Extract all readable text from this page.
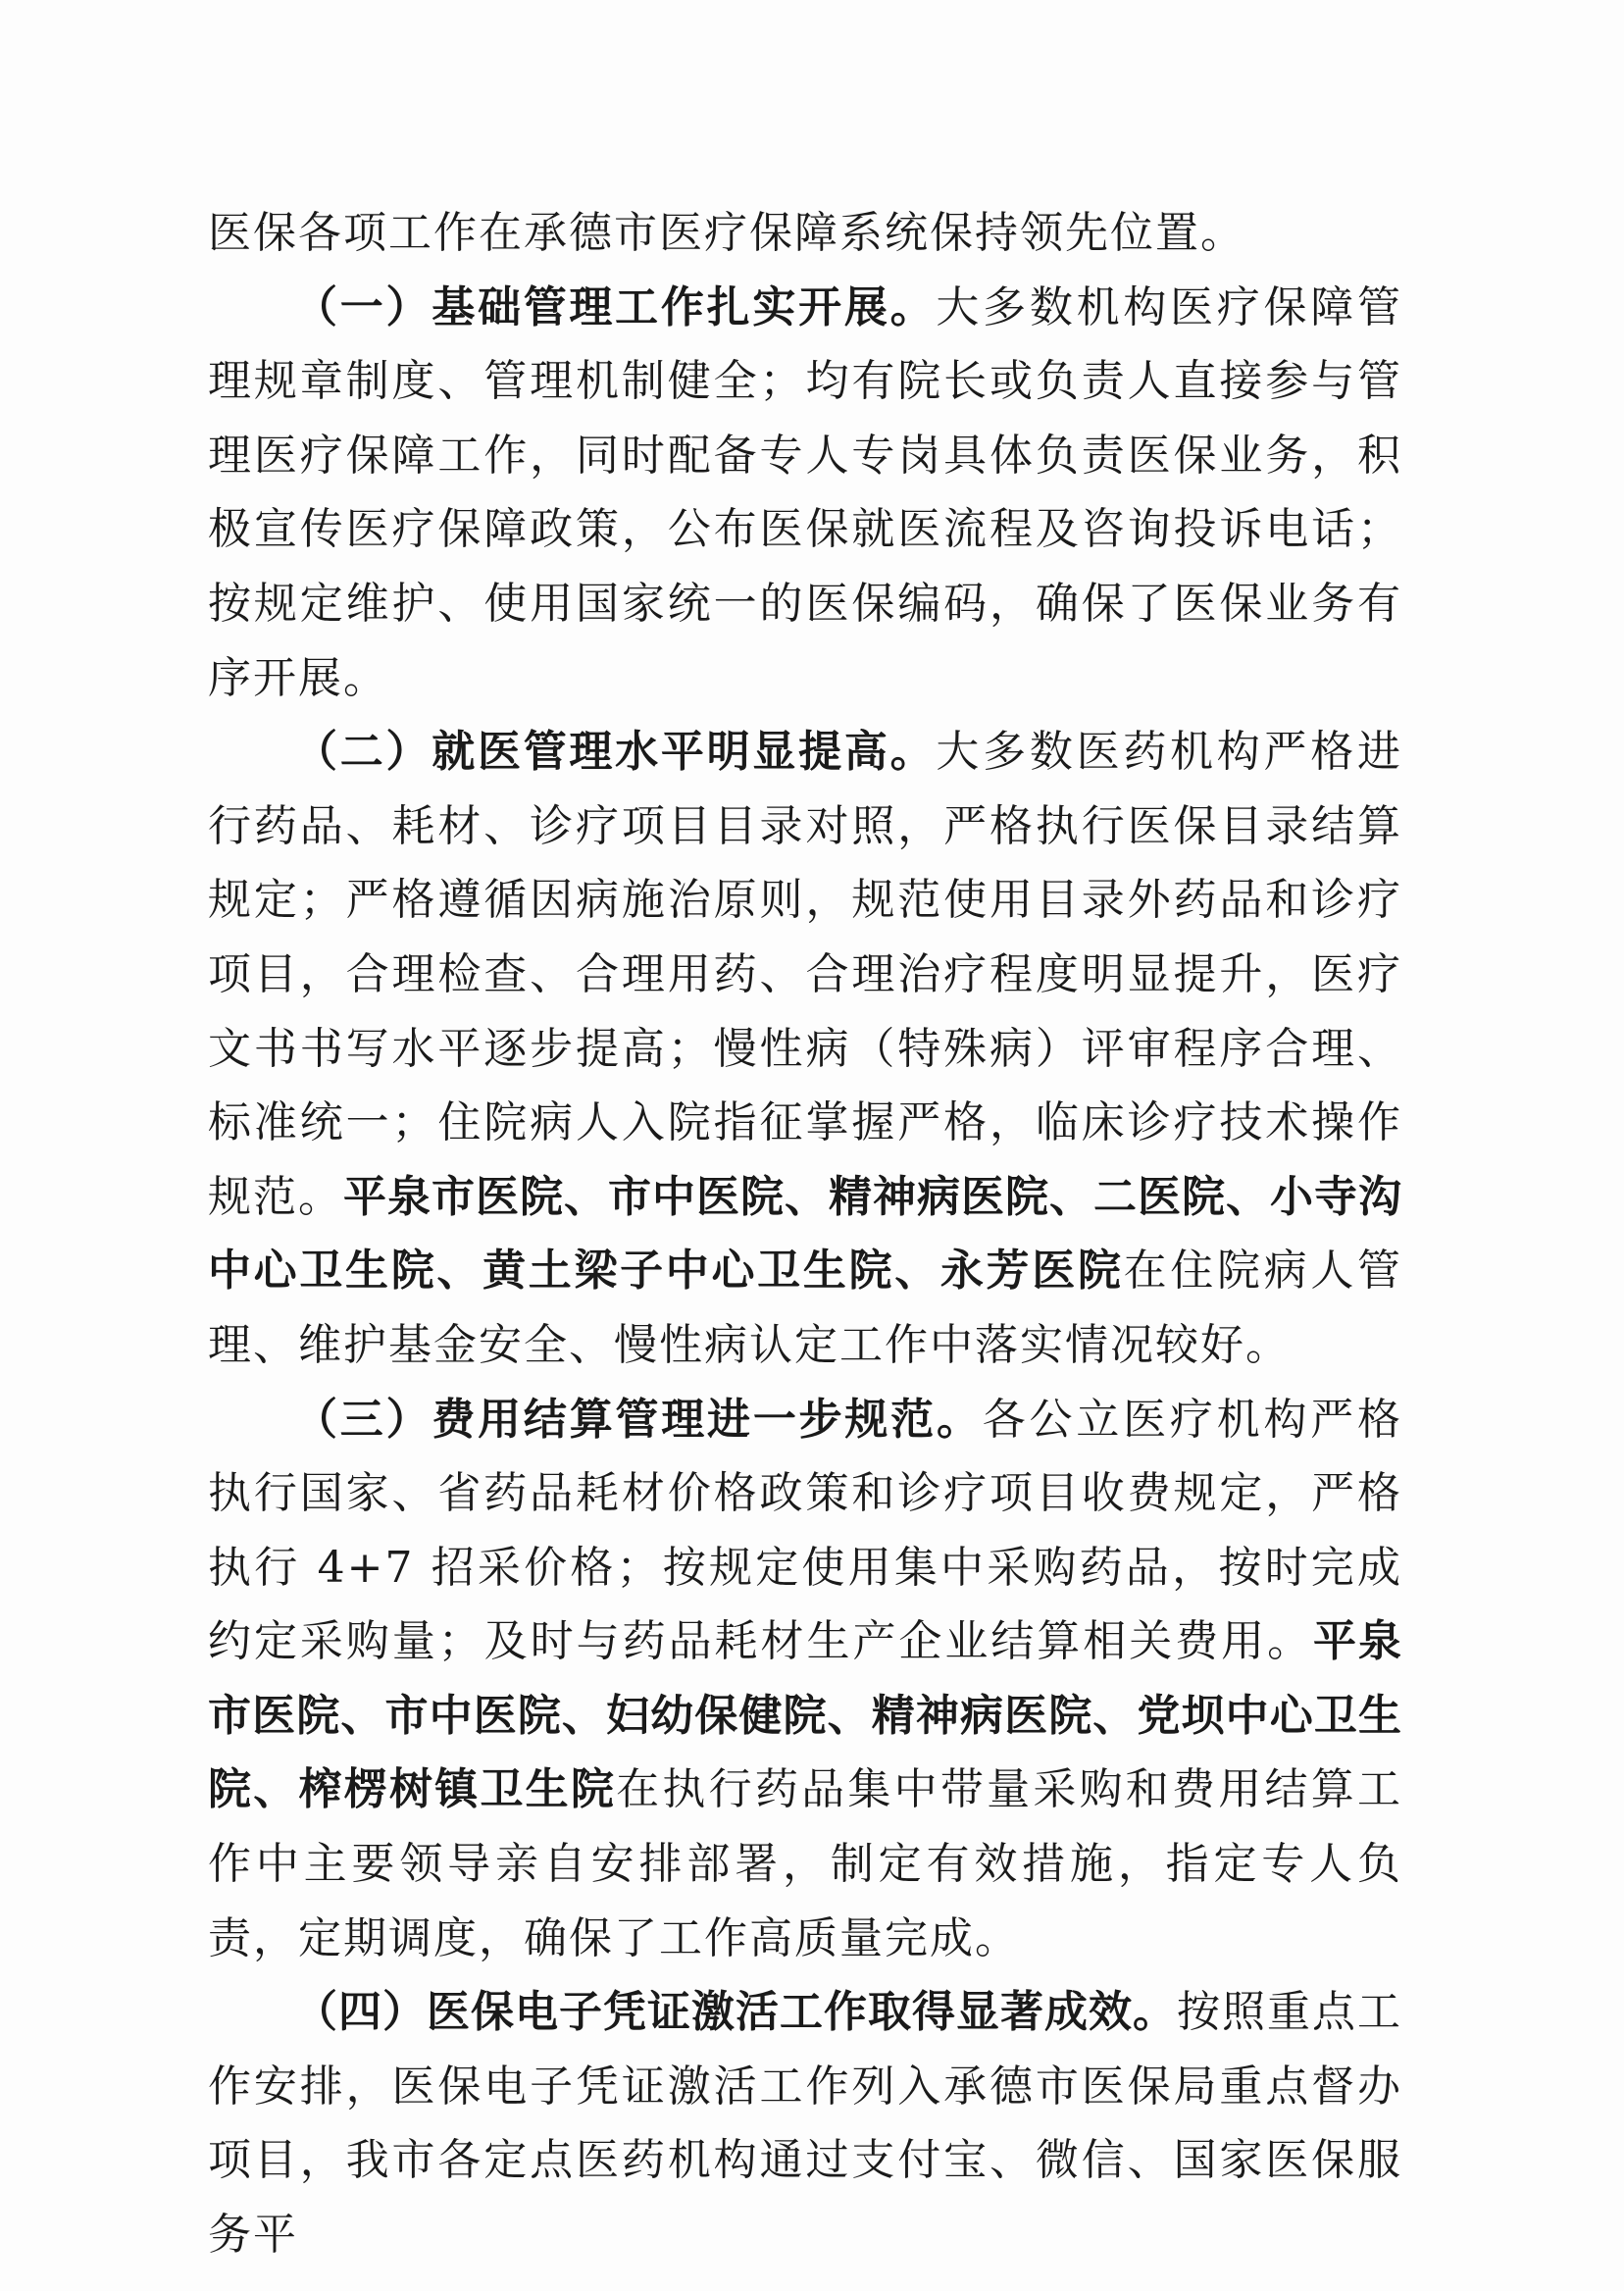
医保各项工作在承德市医疗保障系统保持领先位置。

（一）基础管理工作扎实开展。大多数机构医疗保障管理规章制度、管理机制健全；均有院长或负责人直接参与管理医疗保障工作，同时配备专人专岗具体负责医保业务，积极宣传医疗保障政策，公布医保就医流程及咨询投诉电话；按规定维护、使用国家统一的医保编码，确保了医保业务有序开展。

（二）就医管理水平明显提高。大多数医药机构严格进行药品、耗材、诊疗项目目录对照，严格执行医保目录结算规定；严格遵循因病施治原则，规范使用目录外药品和诊疗项目，合理检查、合理用药、合理治疗程度明显提升，医疗文书书写水平逐步提高；慢性病（特殊病）评审程序合理、标准统一；住院病人入院指征掌握严格，临床诊疗技术操作规范。平泉市医院、市中医院、精神病医院、二医院、小寺沟中心卫生院、黄土梁子中心卫生院、永芳医院在住院病人管理、维护基金安全、慢性病认定工作中落实情况较好。

（三）费用结算管理进一步规范。各公立医疗机构严格执行国家、省药品耗材价格政策和诊疗项目收费规定，严格执行 4+7 招采价格；按规定使用集中采购药品，按时完成约定采购量；及时与药品耗材生产企业结算相关费用。平泉市医院、市中医院、妇幼保健院、精神病医院、党坝中心卫生院、榨楞树镇卫生院在执行药品集中带量采购和费用结算工作中主要领导亲自安排部署，制定有效措施，指定专人负责，定期调度，确保了工作高质量完成。

（四）医保电子凭证激活工作取得显著成效。按照重点工作安排，医保电子凭证激活工作列入承德市医保局重点督办项目，我市各定点医药机构通过支付宝、微信、国家医保服务平
